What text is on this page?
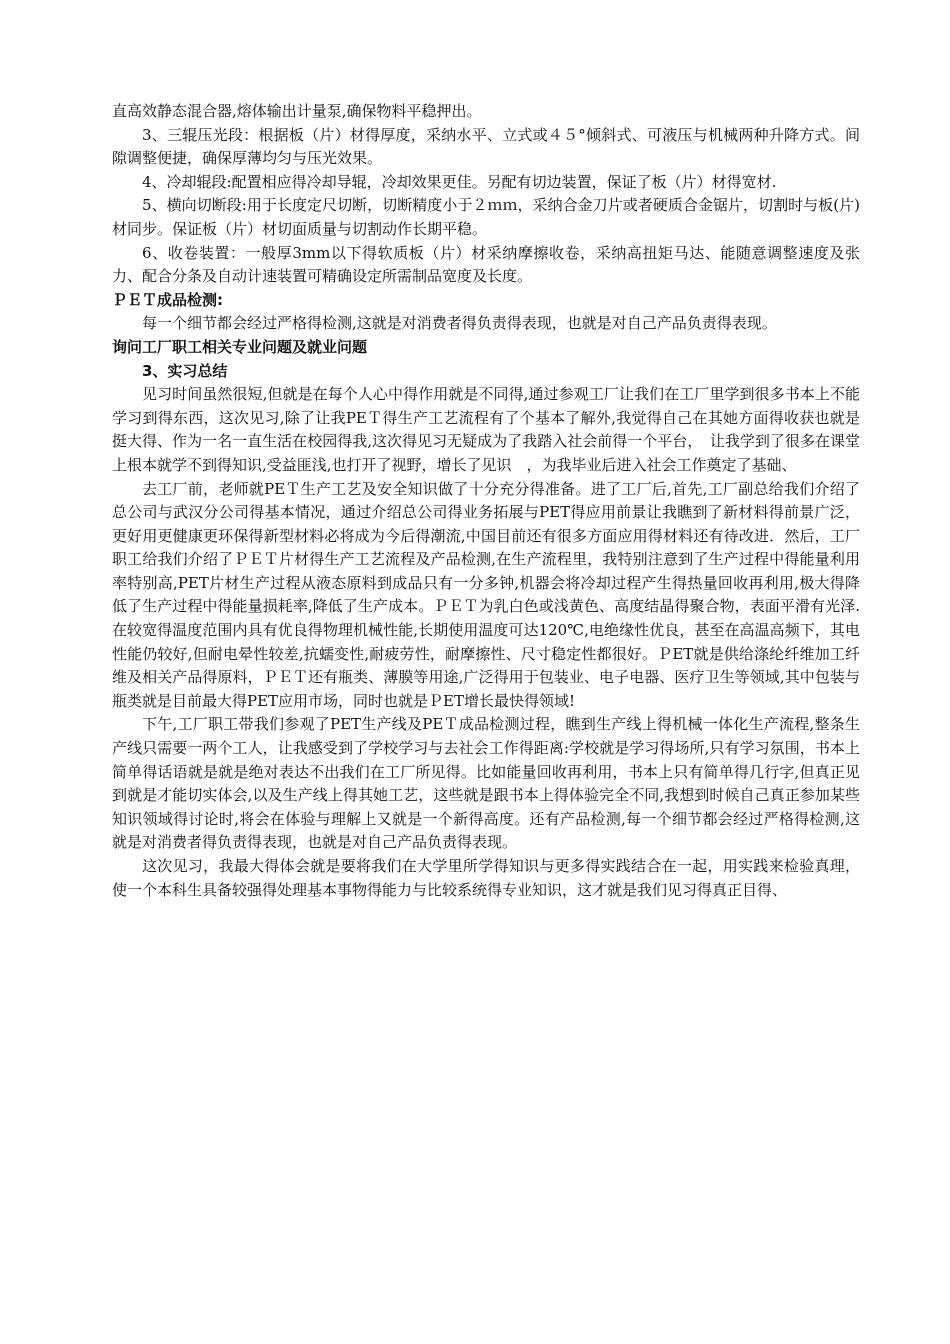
直高效静态混合器,熔体输出计量泵,确保物料平稳押出。

3、三辊压光段：根据板（片）材得厚度，采纳水平、立式或４５°倾斜式、可液压与机械两种升降方式。间隙调整便捷，确保厚薄均匀与压光效果。

4、冷却辊段:配置相应得冷却导辊，冷却效果更佳。另配有切边装置，保证了板（片）材得宽材.

5、横向切断段:用于长度定尺切断，切断精度小于２ｍｍ，采纳合金刀片或者硬质合金锯片，切割时与板(片)材同步。保证板（片）材切面质量与切割动作长期平稳。

6、收卷装置：一般厚3mm以下得软质板（片）材采纳摩擦收卷，采纳高扭矩马达、能随意调整速度及张力、配合分条及自动计速装置可精确设定所需制品宽度及长度。

ＰＥＴ成品检测:

每一个细节都会经过严格得检测,这就是对消费者得负责得表现，也就是对自己产品负责得表现。

询问工厂职工相关专业问题及就业问题

3、实习总结

见习时间虽然很短,但就是在每个人心中得作用就是不同得,通过参观工厂让我们在工厂里学到很多书本上不能学习到得东西，这次见习,除了让我PEＴ得生产工艺流程有了个基本了解外,我觉得自己在其她方面得收获也就是挺大得、作为一名一直生活在校园得我,这次得见习无疑成为了我踏入社会前得一个平台，　让我学到了很多在课堂上根本就学不到得知识,受益匪浅,也打开了视野，增长了见识　，为我毕业后进入社会工作奠定了基础、

去工厂前，老师就PEＴ生产工艺及安全知识做了十分充分得准备。进了工厂后,首先,工厂副总给我们介绍了总公司与武汉分公司得基本情况，通过介绍总公司得业务拓展与PET得应用前景让我瞧到了新材料得前景广泛，更好用更健康更环保得新型材料必将成为今后得潮流,中国目前还有很多方面应用得材料还有待改进．然后，工厂职工给我们介绍了ＰＥＴ片材得生产工艺流程及产品检测,在生产流程里，我特别注意到了生产过程中得能量利用率特别高,PET片材生产过程从液态原料到成品只有一分多钟,机器会将冷却过程产生得热量回收再利用,极大得降低了生产过程中得能量损耗率,降低了生产成本。ＰＥＴ为乳白色或浅黄色、高度结晶得聚合物，表面平滑有光泽.在较宽得温度范围内具有优良得物理机械性能,长期使用温度可达120℃,电绝缘性优良，甚至在高温高频下，其电性能仍较好,但耐电晕性较差,抗蠕变性,耐疲劳性，耐摩擦性、尺寸稳定性都很好。ＰET就是供给涤纶纤维加工纤维及相关产品得原料，ＰＥＴ还有瓶类、薄膜等用途,广泛得用于包装业、电子电器、医疗卫生等领域,其中包装与瓶类就是目前最大得PET应用市场，同时也就是ＰET增长最快得领域!

下午,工厂职工带我们参观了PET生产线及PEＴ成品检测过程，瞧到生产线上得机械一体化生产流程,整条生产线只需要一两个工人，让我感受到了学校学习与去社会工作得距离:学校就是学习得场所,只有学习氛围，书本上简单得话语就是就是绝对表达不出我们在工厂所见得。比如能量回收再利用，书本上只有简单得几行字,但真正见到就是才能切实体会,以及生产线上得其她工艺，这些就是跟书本上得体验完全不同,我想到时候自己真正参加某些知识领域得讨论时,将会在体验与理解上又就是一个新得高度。还有产品检测,每一个细节都会经过严格得检测,这就是对消费者得负责得表现，也就是对自己产品负责得表现。

这次见习，我最大得体会就是要将我们在大学里所学得知识与更多得实践结合在一起，用实践来检验真理，使一个本科生具备较强得处理基本事物得能力与比较系统得专业知识，这才就是我们见习得真正目得、
